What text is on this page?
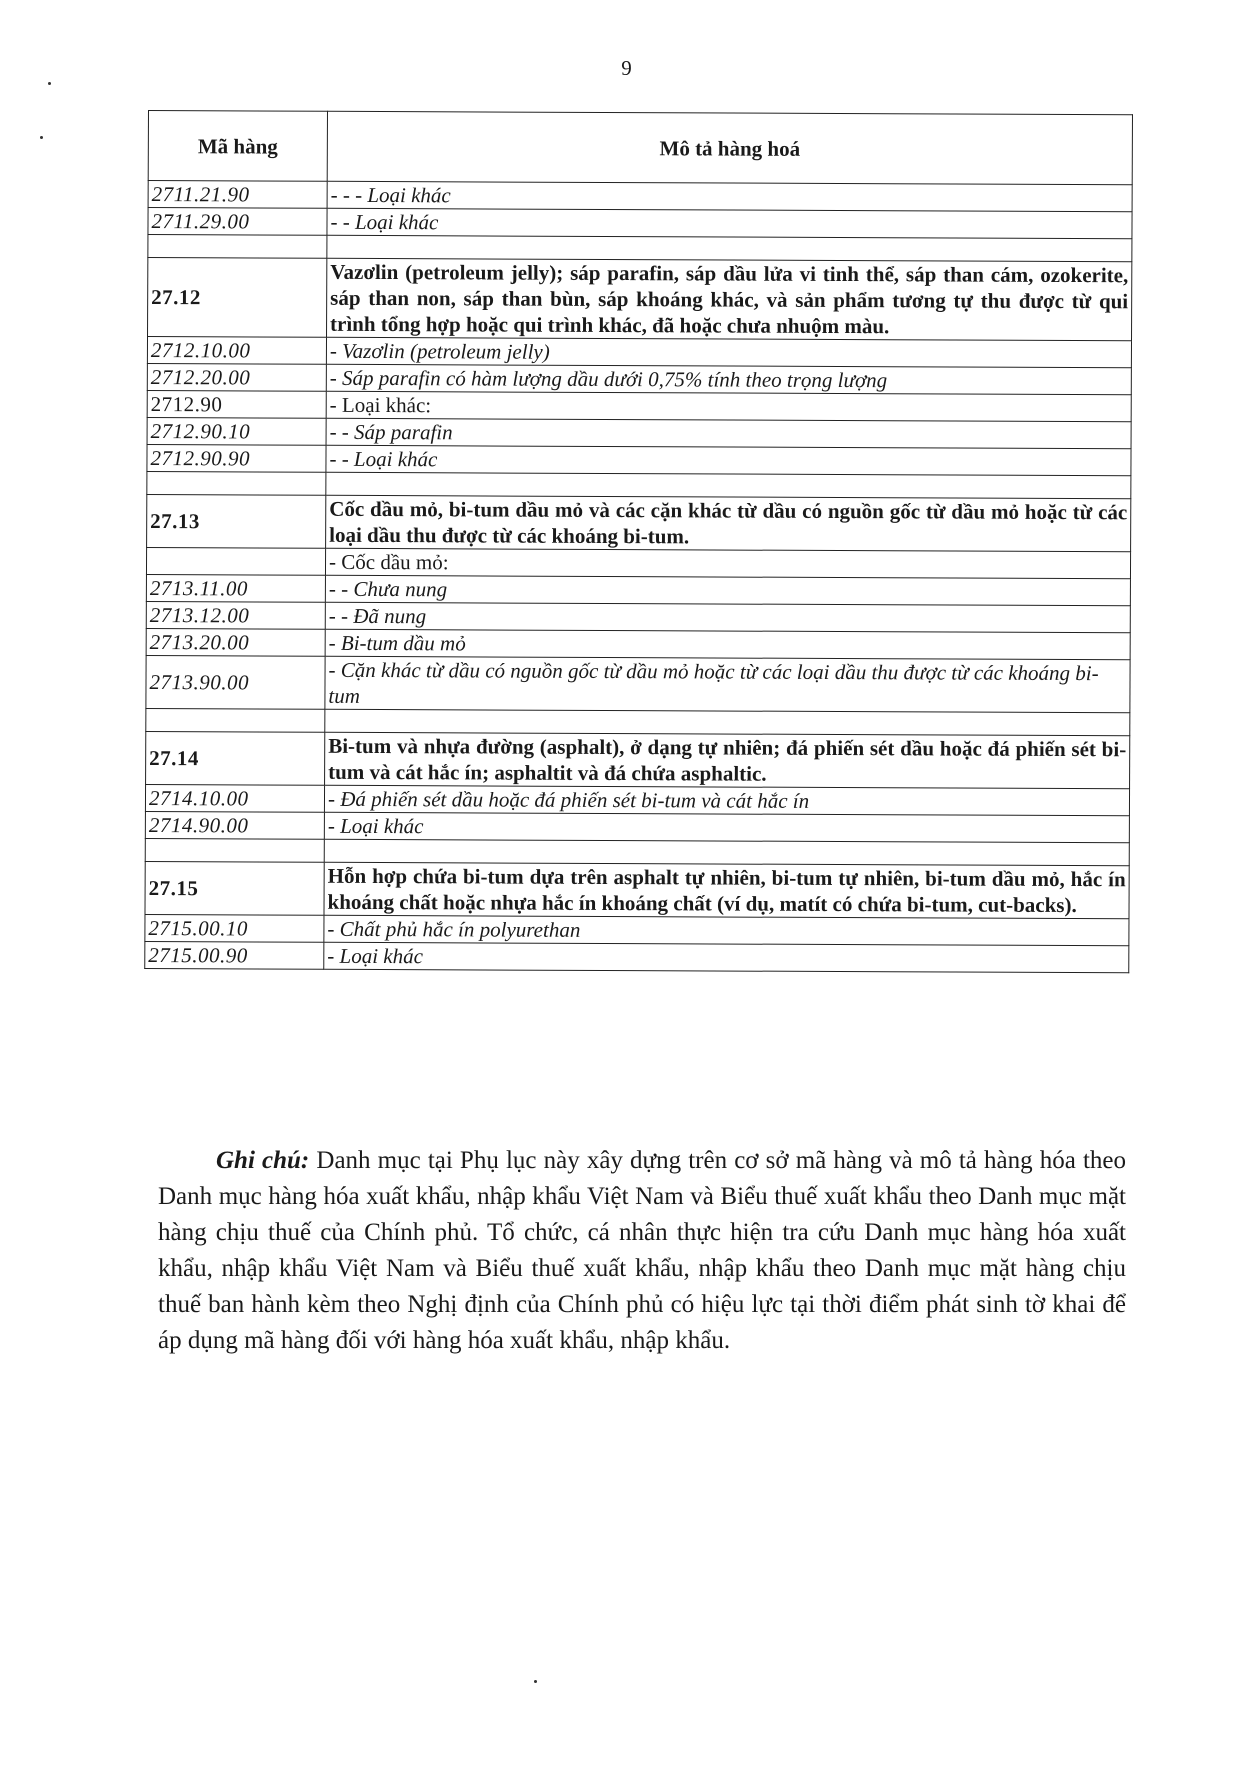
9
Mã hàng	Mô tả hàng hoá
2711.21.90	- - - Loại khác
2711.29.00	- - Loại khác

27.12	Vazơlin (petroleum jelly); sáp parafin, sáp dầu lửa vi tinh thể, sáp than cám, ozokerite, sáp than non, sáp than bùn, sáp khoáng khác, và sản phẩm tương tự thu được từ qui trình tổng hợp hoặc qui trình khác, đã hoặc chưa nhuộm màu.
2712.10.00	- Vazơlin (petroleum jelly)
2712.20.00	- Sáp parafin có hàm lượng dầu dưới 0,75% tính theo trọng lượng
2712.90	- Loại khác:
2712.90.10	- - Sáp parafin
2712.90.90	- - Loại khác

27.13	Cốc dầu mỏ, bi-tum dầu mỏ và các cặn khác từ dầu có nguồn gốc từ dầu mỏ hoặc từ các loại dầu thu được từ các khoáng bi-tum.
	- Cốc dầu mỏ:
2713.11.00	- - Chưa nung
2713.12.00	- - Đã nung
2713.20.00	- Bi-tum dầu mỏ
2713.90.00	- Cặn khác từ dầu có nguồn gốc từ dầu mỏ hoặc từ các loại dầu thu được từ các khoáng bi-tum

27.14	Bi-tum và nhựa đường (asphalt), ở dạng tự nhiên; đá phiến sét dầu hoặc đá phiến sét bi-tum và cát hắc ín; asphaltit và đá chứa asphaltic.
2714.10.00	- Đá phiến sét dầu hoặc đá phiến sét bi-tum và cát hắc ín
2714.90.00	- Loại khác

27.15	Hỗn hợp chứa bi-tum dựa trên asphalt tự nhiên, bi-tum tự nhiên, bi-tum dầu mỏ, hắc ín khoáng chất hoặc nhựa hắc ín khoáng chất (ví dụ, matít có chứa bi-tum, cut-backs).
2715.00.10	- Chất phủ hắc ín polyurethan
2715.00.90	- Loại khác
Ghi chú: Danh mục tại Phụ lục này xây dựng trên cơ sở mã hàng và mô tả hàng hóa theo Danh mục hàng hóa xuất khẩu, nhập khẩu Việt Nam và Biểu thuế xuất khẩu theo Danh mục mặt hàng chịu thuế của Chính phủ. Tổ chức, cá nhân thực hiện tra cứu Danh mục hàng hóa xuất khẩu, nhập khẩu Việt Nam và Biểu thuế xuất khẩu, nhập khẩu theo Danh mục mặt hàng chịu thuế ban hành kèm theo Nghị định của Chính phủ có hiệu lực tại thời điểm phát sinh tờ khai để áp dụng mã hàng đối với hàng hóa xuất khẩu, nhập khẩu.
